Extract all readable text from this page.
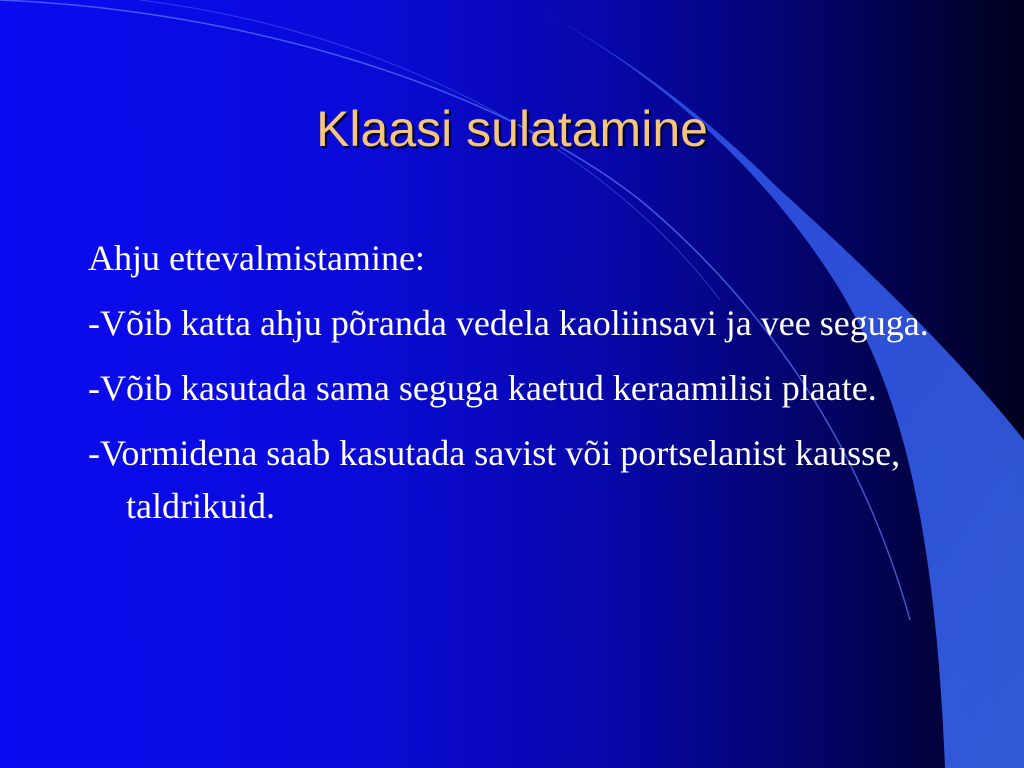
Klaasi sulatamine

Ahju ettevalmistamine:

-Võib katta ahju põranda vedela kaoliinsavi ja vee seguga.

-Võib kasutada sama seguga kaetud keraamilisi plaate.

-Vormidena saab kasutada savist või portselanist kausse, taldrikuid.
